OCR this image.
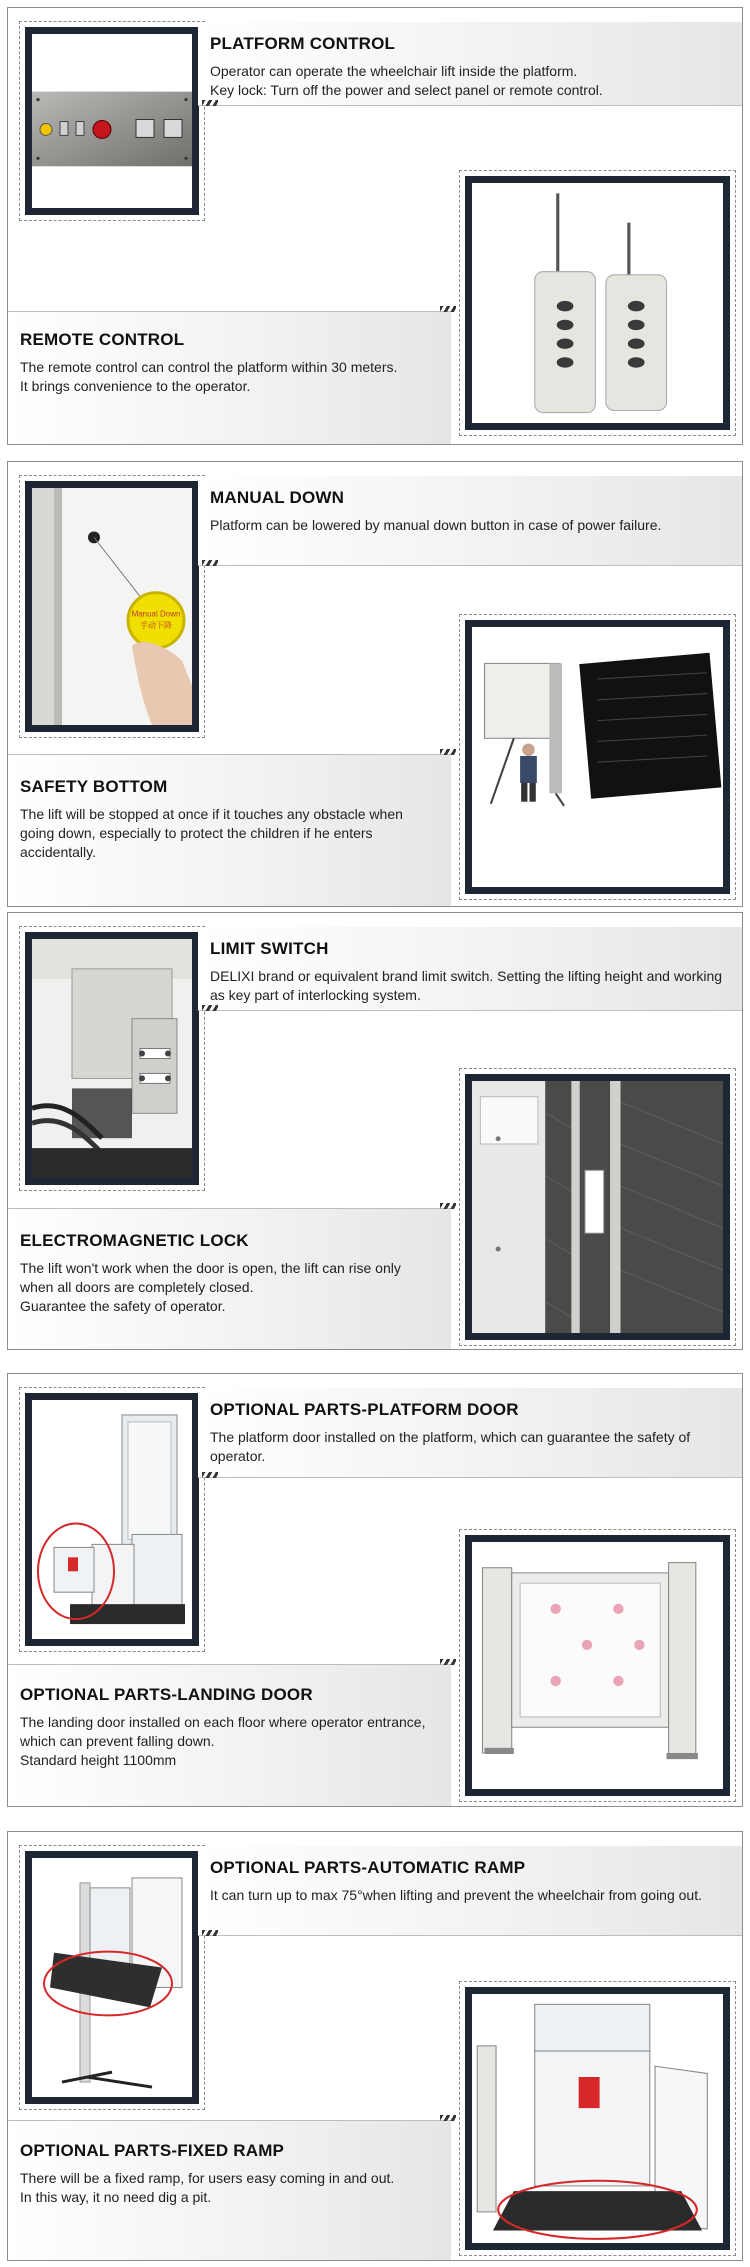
PLATFORM CONTROL

Operator can operate the wheelchair lift inside the platform.
Key lock: Turn off the power and select panel or remote control.

REMOTE CONTROL

The remote control can control the platform within 30 meters.
It brings convenience to the operator.

Manual Down
手动下降
MANUAL DOWN

Platform can be lowered by manual down button in case of power failure.

SAFETY BOTTOM

The lift will be stopped at once if it touches any obstacle when going down, especially to protect the children if he enters accidentally.

LIMIT SWITCH

DELIXI brand or equivalent brand limit switch. Setting the lifting height and working as key part of interlocking system.

ELECTROMAGNETIC LOCK

The lift won't work when the door is open, the lift can rise only when all doors are completely closed.
Guarantee the safety of operator.

OPTIONAL PARTS-PLATFORM DOOR

The platform door installed on the platform, which can guarantee the safety of operator.

OPTIONAL PARTS-LANDING DOOR

The landing door installed on each floor where operator entrance, which can prevent falling down.
Standard height 1100mm

OPTIONAL PARTS-AUTOMATIC RAMP

It can turn up to max 75°when lifting and prevent the wheelchair from going out.

OPTIONAL PARTS-FIXED RAMP

There will be a fixed ramp, for users easy coming in and out.
In this way, it no need dig a pit.
